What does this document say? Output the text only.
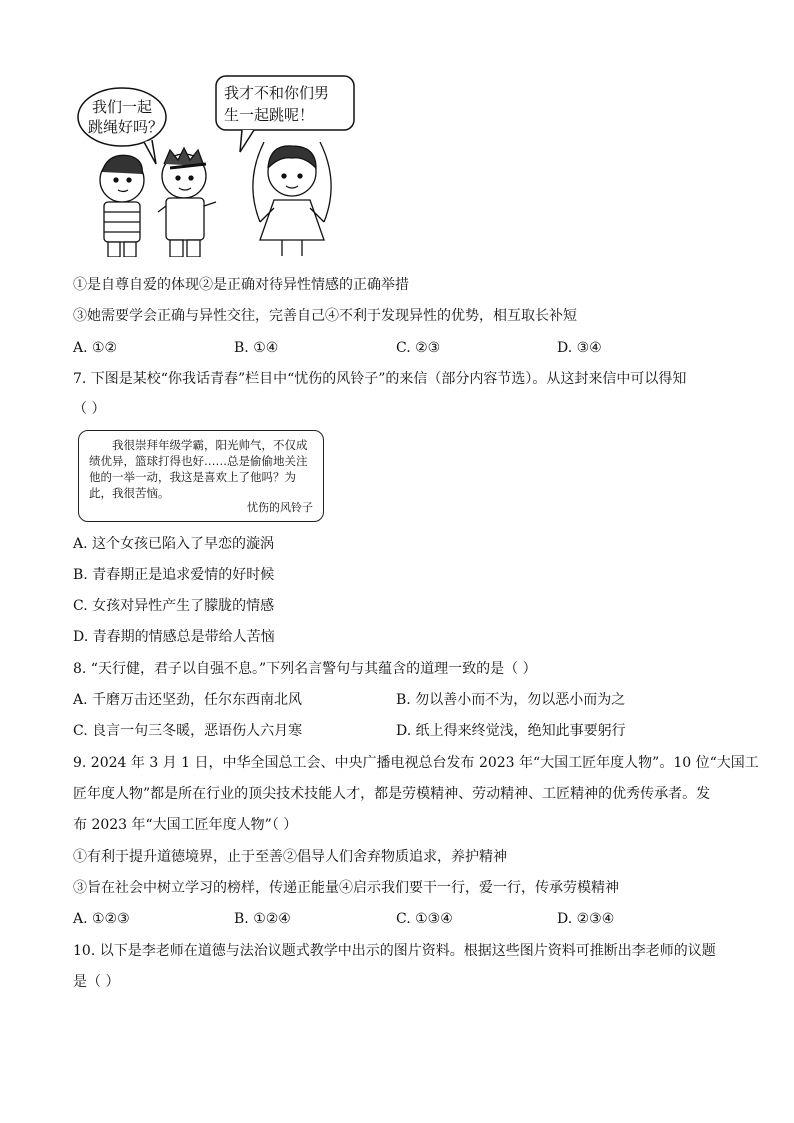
我们一起
跳绳好吗？
我才不和你们男
生一起跳呢！
①是自尊自爱的体现②是正确对待异性情感的正确举措
③她需要学会正确与异性交往，完善自己④不利于发现异性的优势，相互取长补短
A. ①②	B. ①④	C. ②③	D. ③④
7. 下图是某校“你我话青春”栏目中“忧伤的风铃子”的来信（部分内容节选）。从这封来信中可以得知
（ ）
我很崇拜年级学霸，阳光帅气，不仅成绩优异，篮球打得也好……总是偷偷地关注他的一举一动，我这是喜欢上了他吗？为此，我很苦恼。
忧伤的风铃子
A. 这个女孩已陷入了早恋的漩涡
B. 青春期正是追求爱情的好时候
C. 女孩对异性产生了朦胧的情感
D. 青春期的情感总是带给人苦恼
8. “天行健，君子以自强不息。”下列名言警句与其蕴含的道理一致的是（ ）
A. 千磨万击还坚劲，任尔东西南北风	B. 勿以善小而不为，勿以恶小而为之
C. 良言一句三冬暖，恶语伤人六月寒	D. 纸上得来终觉浅，绝知此事要躬行
9. 2024 年 3 月 1 日，中华全国总工会、中央广播电视总台发布 2023 年“大国工匠年度人物”。10 位“大国工
匠年度人物”都是所在行业的顶尖技术技能人才，都是劳模精神、劳动精神、工匠精神的优秀传承者。发
布 2023 年“大国工匠年度人物”（ ）
①有利于提升道德境界，止于至善②倡导人们舍弃物质追求，养护精神
③旨在社会中树立学习的榜样，传递正能量④启示我们要干一行，爱一行，传承劳模精神
A. ①②③	B. ①②④	C. ①③④	D. ②③④
10. 以下是李老师在道德与法治议题式教学中出示的图片资料。根据这些图片资料可推断出李老师的议题
是（ ）
